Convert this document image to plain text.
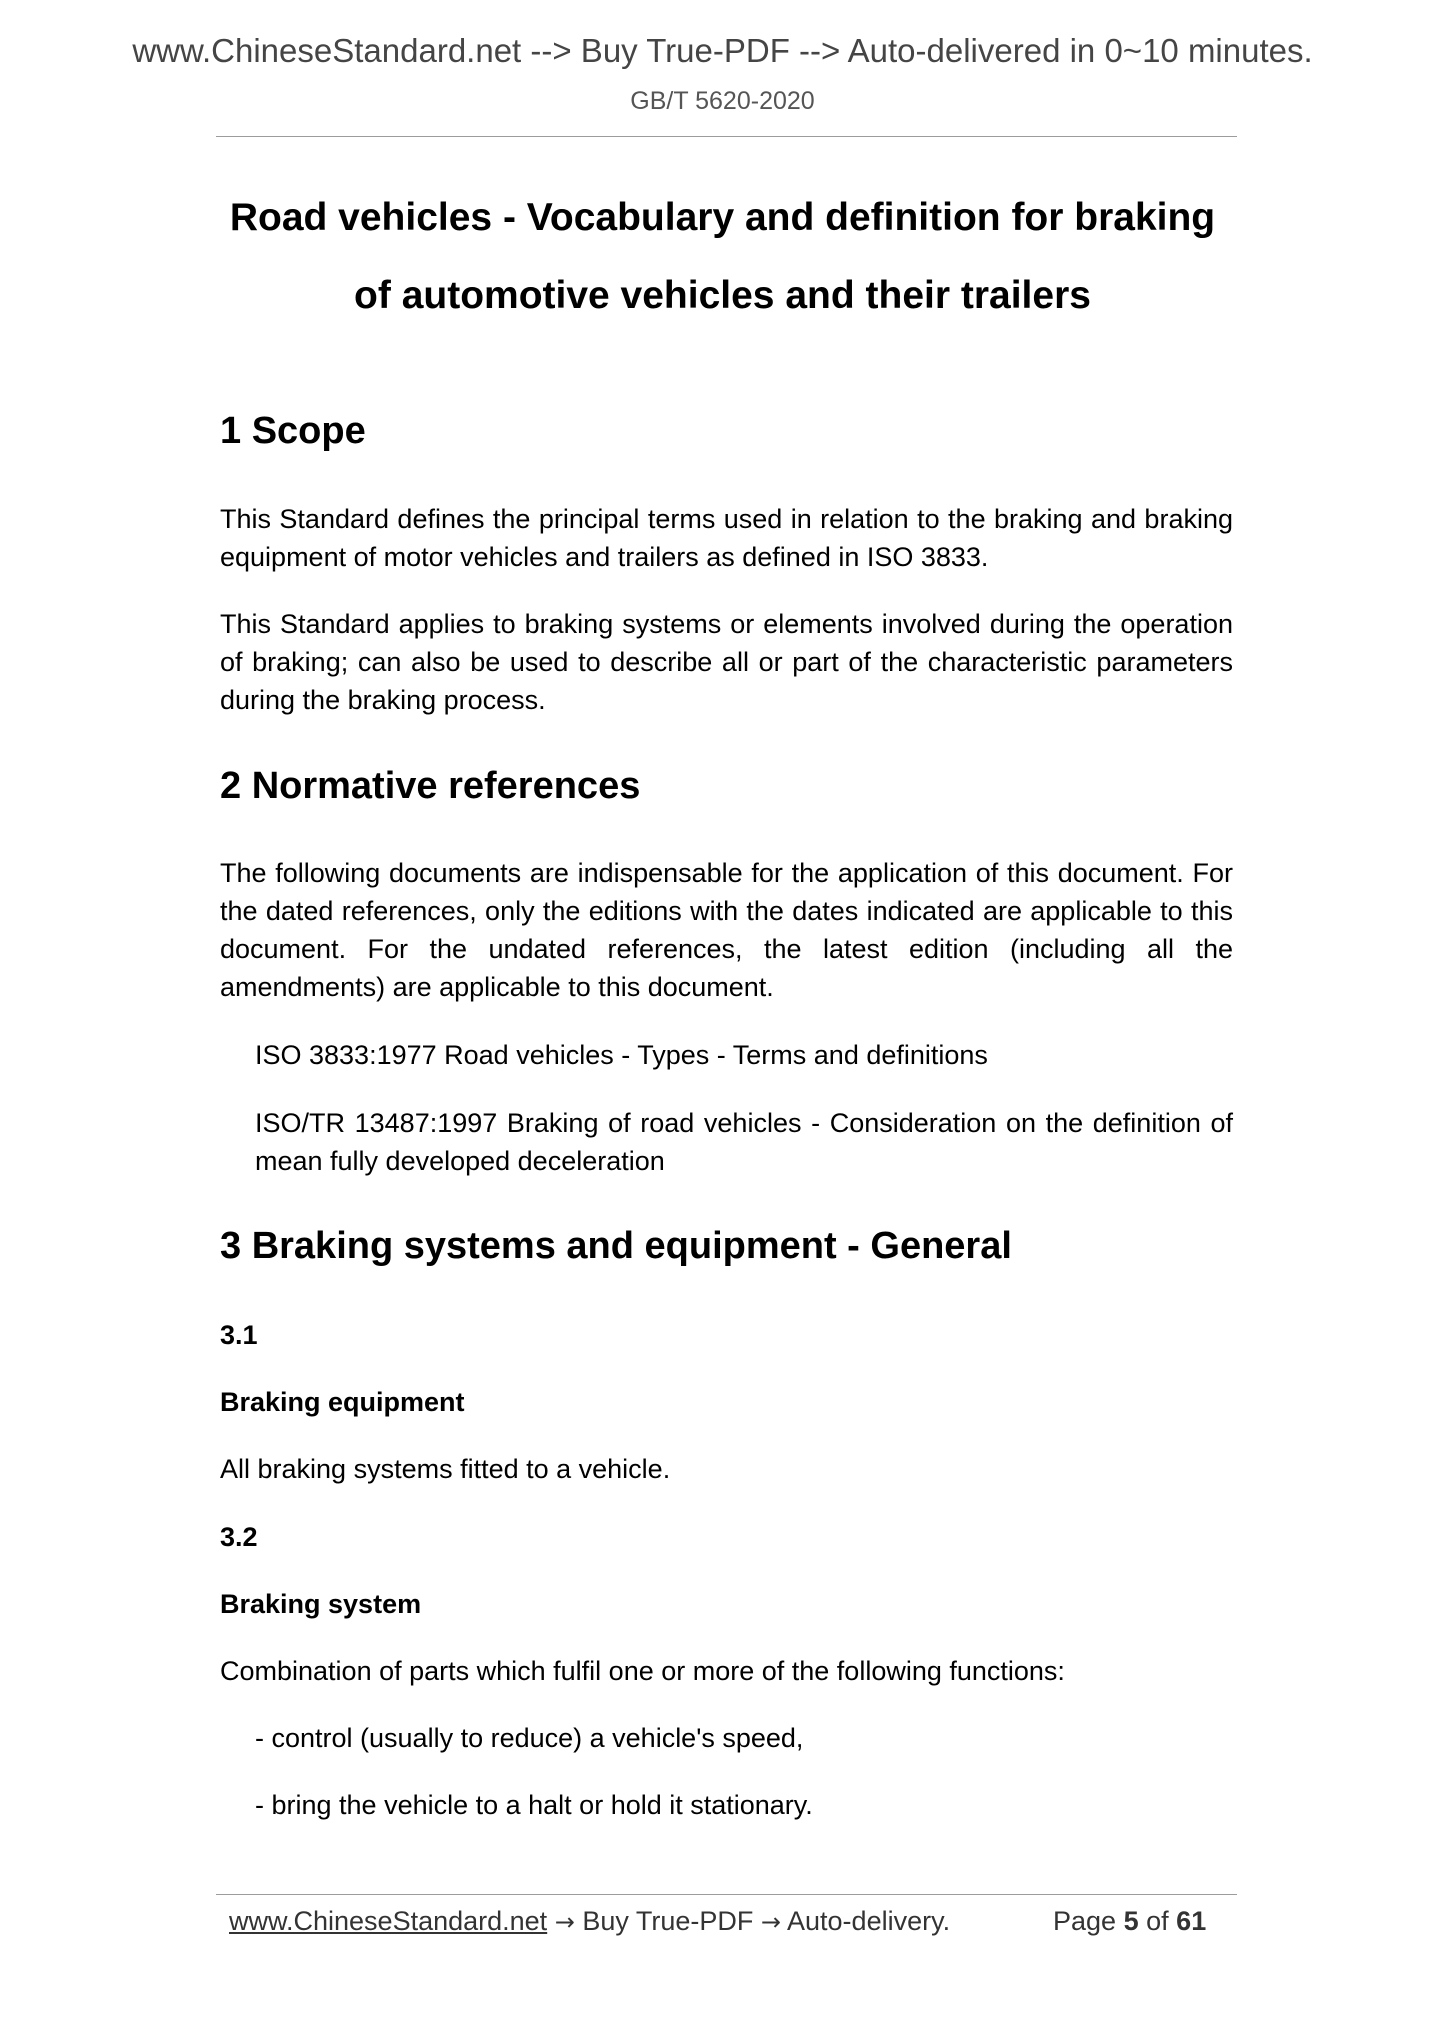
www.ChineseStandard.net --> Buy True-PDF --> Auto-delivered in 0~10 minutes.
GB/T 5620-2020
Road vehicles - Vocabulary and definition for braking
of automotive vehicles and their trailers
1 Scope
This Standard defines the principal terms used in relation to the braking and braking equipment of motor vehicles and trailers as defined in ISO 3833.
This Standard applies to braking systems or elements involved during the operation of braking; can also be used to describe all or part of the characteristic parameters during the braking process.
2 Normative references
The following documents are indispensable for the application of this document. For the dated references, only the editions with the dates indicated are applicable to this document. For the undated references, the latest edition (including all the amendments) are applicable to this document.
ISO 3833:1977 Road vehicles - Types - Terms and definitions
ISO/TR 13487:1997 Braking of road vehicles - Consideration on the definition of mean fully developed deceleration
3 Braking systems and equipment - General
3.1
Braking equipment
All braking systems fitted to a vehicle.
3.2
Braking system
Combination of parts which fulfil one or more of the following functions:
- control (usually to reduce) a vehicle's speed,
- bring the vehicle to a halt or hold it stationary.
www.ChineseStandard.net → Buy True-PDF → Auto-delivery.	Page 5 of 61
